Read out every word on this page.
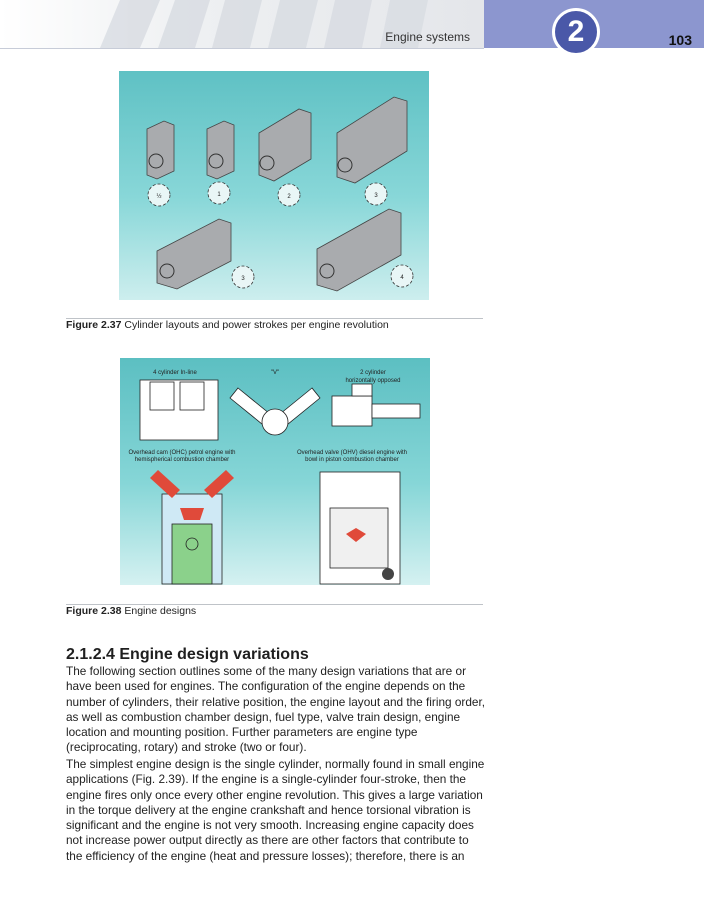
Engine systems	2	103
½	1	2	3
3	4
Figure 2.37 Cylinder layouts and power strokes per engine revolution
4 cylinder In-line	"V"	2 cylinder
horizontally opposed
Overhead cam (OHC) petrol engine with
hemispherical combustion chamber
Overhead valve (OHV) diesel engine with
bowl in piston combustion chamber
Figure 2.38 Engine designs
2.1.2.4 Engine design variations

The following section outlines some of the many design variations that are or have been used for engines. The configuration of the engine depends on the number of cylinders, their relative position, the engine layout and the firing order, as well as combustion chamber design, fuel type, valve train design, engine location and mounting position. Further parameters are engine type (reciprocating, rotary) and stroke (two or four).

The simplest engine design is the single cylinder, normally found in small engine applications (Fig. 2.39). If the engine is a single-cylinder four-stroke, then the engine fires only once every other engine revolution. This gives a large variation in the torque delivery at the engine crankshaft and hence torsional vibration is significant and the engine is not very smooth. Increasing engine capacity does not increase power output directly as there are other factors that contribute to the efficiency of the engine (heat and pressure losses); therefore, there is an
